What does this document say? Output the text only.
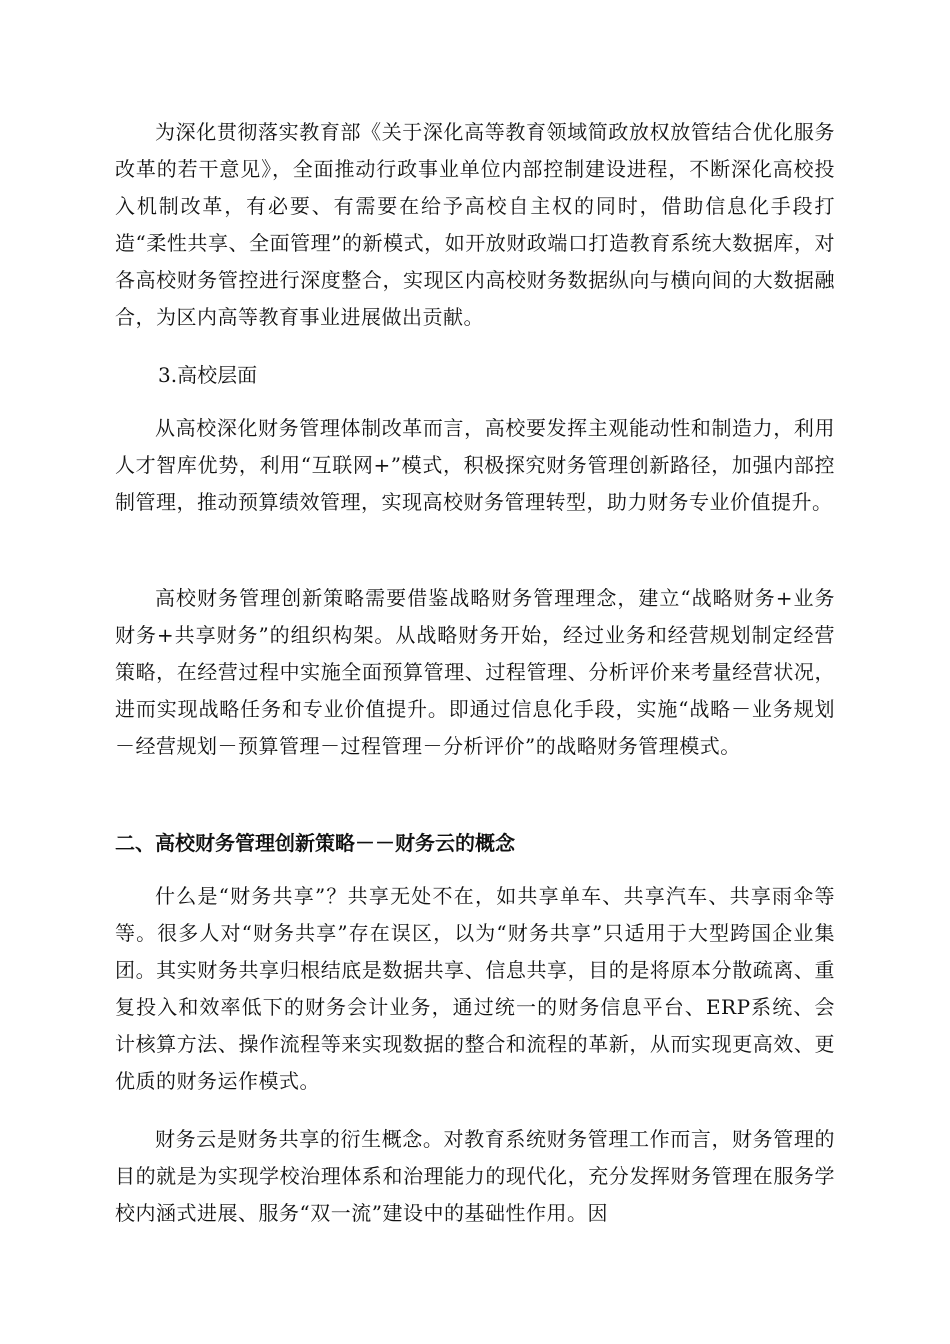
为深化贯彻落实教育部《关于深化高等教育领域简政放权放管结合优化服务改革的若干意见》，全面推动行政事业单位内部控制建设进程，不断深化高校投入机制改革，有必要、有需要在给予高校自主权的同时，借助信息化手段打造“柔性共享、全面管理”的新模式，如开放财政端口打造教育系统大数据库，对各高校财务管控进行深度整合，实现区内高校财务数据纵向与横向间的大数据融合，为区内高等教育事业进展做出贡献。

3.高校层面

从高校深化财务管理体制改革而言，高校要发挥主观能动性和制造力，利用人才智库优势，利用“互联网+”模式，积极探究财务管理创新路径，加强内部控制管理，推动预算绩效管理，实现高校财务管理转型，助力财务专业价值提升。

高校财务管理创新策略需要借鉴战略财务管理理念，建立“战略财务+业务财务+共享财务”的组织构架。从战略财务开始，经过业务和经营规划制定经营策略，在经营过程中实施全面预算管理、过程管理、分析评价来考量经营状况，进而实现战略任务和专业价值提升。即通过信息化手段，实施“战略－业务规划－经营规划－预算管理－过程管理－分析评价”的战略财务管理模式。

二、高校财务管理创新策略－－财务云的概念

什么是“财务共享”？共享无处不在，如共享单车、共享汽车、共享雨伞等等。很多人对“财务共享”存在误区，以为“财务共享”只适用于大型跨国企业集团。其实财务共享归根结底是数据共享、信息共享，目的是将原本分散疏离、重复投入和效率低下的财务会计业务，通过统一的财务信息平台、ERP系统、会计核算方法、操作流程等来实现数据的整合和流程的革新，从而实现更高效、更优质的财务运作模式。

财务云是财务共享的衍生概念。对教育系统财务管理工作而言，财务管理的目的就是为实现学校治理体系和治理能力的现代化，充分发挥财务管理在服务学校内涵式进展、服务“双一流”建设中的基础性作用。因
